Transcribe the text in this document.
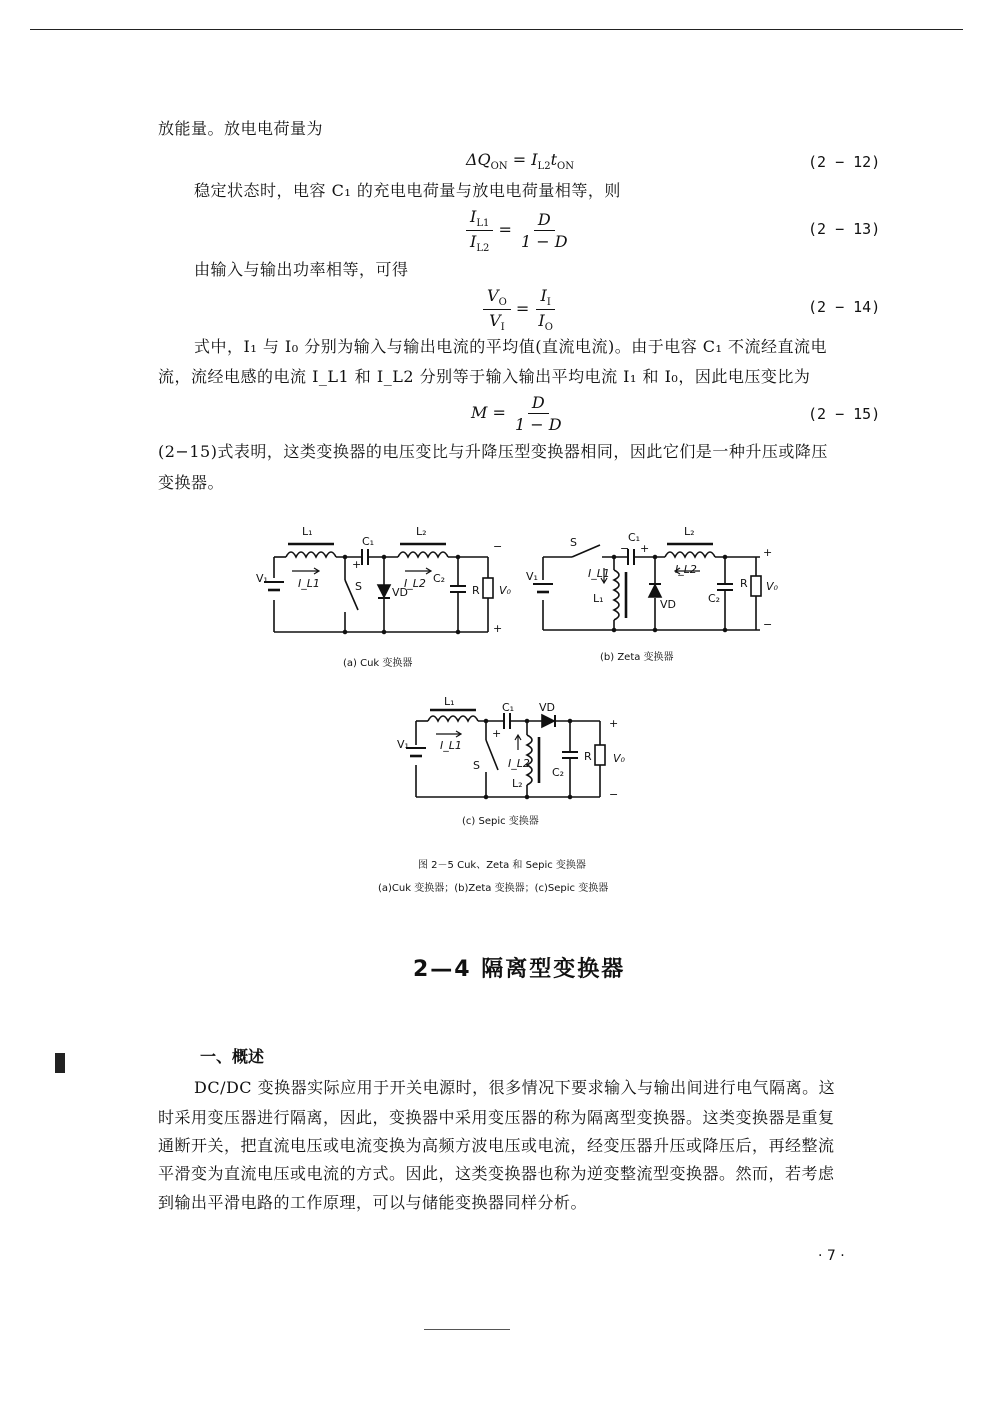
放能量。放电电荷量为
$\Delta Q_{ON} = I_{L2}t_{ON}$	(2 − 12)
稳定状态时，电容 C₁ 的充电电荷量与放电电荷量相等，则
$\frac{I_{L1}}{I_{L2}} = \frac{D}{1 - D}$	(2 − 13)
由输入与输出功率相等，可得
$\frac{V_O}{V_I} = \frac{I_I}{I_O}$	(2 − 14)
式中，I₁ 与 I₀ 分别为输入与输出电流的平均值(直流电流)。由于电容 C₁ 不流经直流电
流，流经电感的电流 I_L1 和 I_L2 分别等于输入输出平均电流 I₁ 和 I₀，因此电压变比为
$M = \frac{D}{1 - D}$	(2 − 15)
(2−15)式表明，这类变换器的电压变比与升降压型变换器相同，因此它们是一种升压或降压
变换器。
L₁
C₁
L₂
V₁	I_L1	I_L2
+
S	VD
C₂
R V₀
−
+
S	C₁	L₂
V₁	I_L1
L₁	VD
I_L2
C₂
R V₀
+
−
+
−
L₁	C₁ VD
V₁	I_L1
+
S	I_L2
L₂
C₂
R V₀
+
−
(a) Cuk 变换器
(b) Zeta 变换器
(c) Sepic 变换器
图 2－5 Cuk、Zeta 和 Sepic 变换器
(a)Cuk 变换器；(b)Zeta 变换器；(c)Sepic 变换器
2—4 隔离型变换器
一、概述
DC/DC 变换器实际应用于开关电源时，很多情况下要求输入与输出间进行电气隔离。这
时采用变压器进行隔离，因此，变换器中采用变压器的称为隔离型变换器。这类变换器是重复
通断开关，把直流电压或电流变换为高频方波电压或电流，经变压器升压或降压后，再经整流
平滑变为直流电压或电流的方式。因此，这类变换器也称为逆变整流型变换器。然而，若考虑
到输出平滑电路的工作原理，可以与储能变换器同样分析。
· 7 ·
